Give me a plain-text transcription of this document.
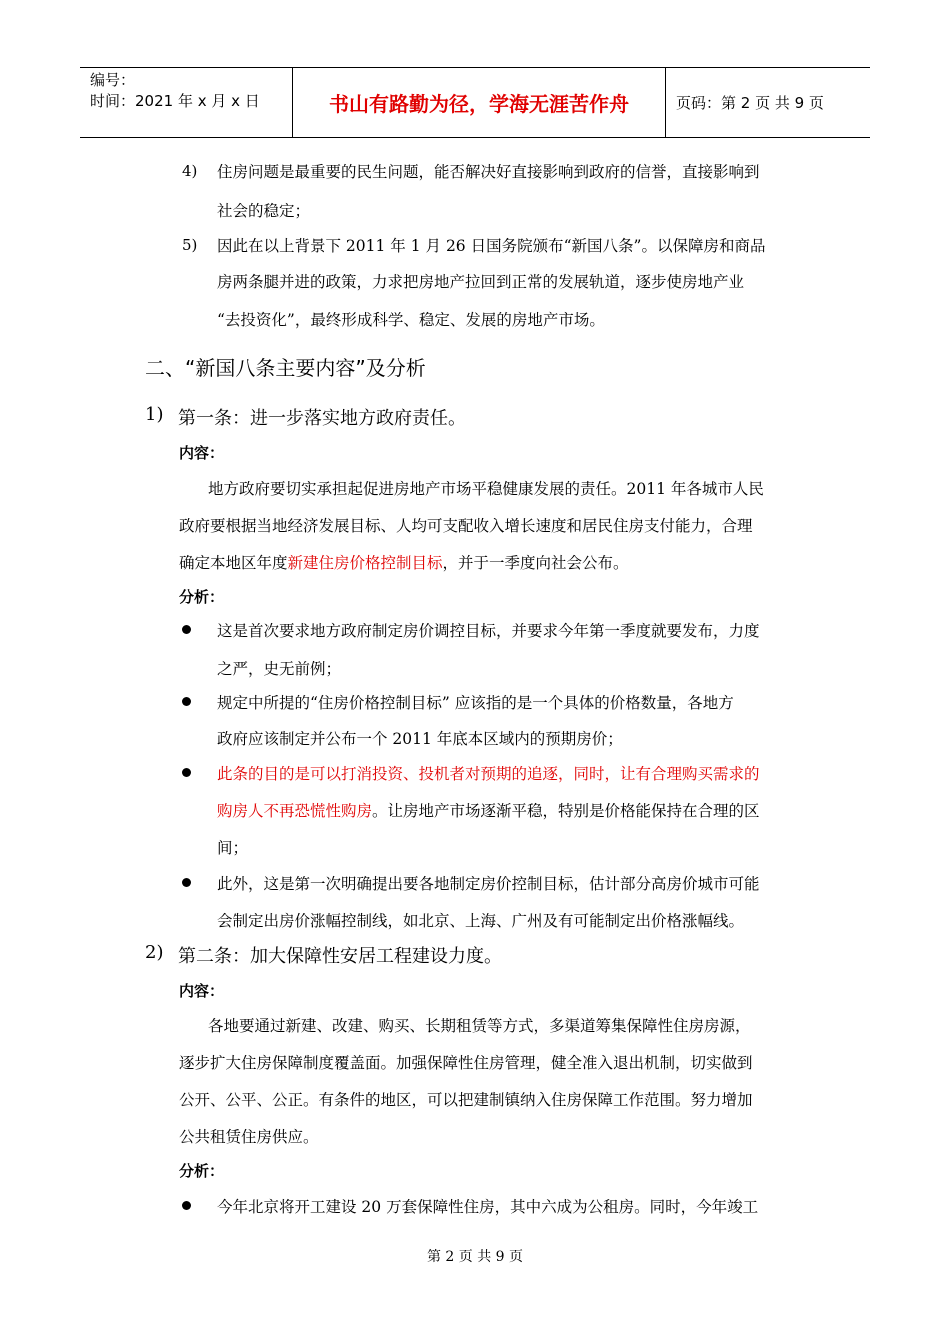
编号：
时间：2021 年 x 月 x 日	书山有路勤为径，学海无涯苦作舟	页码：第 2 页 共 9 页
4) 住房问题是最重要的民生问题，能否解决好直接影响到政府的信誉，直接影响到
社会的稳定；
5) 因此在以上背景下 2011 年 1 月 26 日国务院颁布“新国八条”。以保障房和商品
房两条腿并进的政策，力求把房地产拉回到正常的发展轨道，逐步使房地产业
“去投资化”，最终形成科学、稳定、发展的房地产市场。
二、“新国八条主要内容”及分析
1) 第一条：进一步落实地方政府责任。
内容：
地方政府要切实承担起促进房地产市场平稳健康发展的责任。2011 年各城市人民
政府要根据当地经济发展目标、人均可支配收入增长速度和居民住房支付能力，合理
确定本地区年度新建住房价格控制目标，并于一季度向社会公布。
分析：
这是首次要求地方政府制定房价调控目标，并要求今年第一季度就要发布，力度
之严，史无前例；
规定中所提的“住房价格控制目标” 应该指的是一个具体的价格数量，各地方
政府应该制定并公布一个 2011 年底本区域内的预期房价；
此条的目的是可以打消投资、投机者对预期的追逐，同时，让有合理购买需求的
购房人不再恐慌性购房。让房地产市场逐渐平稳，特别是价格能保持在合理的区
间；
此外，这是第一次明确提出要各地制定房价控制目标，估计部分高房价城市可能
会制定出房价涨幅控制线，如北京、上海、广州及有可能制定出价格涨幅线。
2) 第二条：加大保障性安居工程建设力度。
内容：
各地要通过新建、改建、购买、长期租赁等方式，多渠道筹集保障性住房房源，
逐步扩大住房保障制度覆盖面。加强保障性住房管理，健全准入退出机制，切实做到
公开、公平、公正。有条件的地区，可以把建制镇纳入住房保障工作范围。努力增加
公共租赁住房供应。
分析：
今年北京将开工建设 20 万套保障性住房，其中六成为公租房。同时，今年竣工
第 2 页 共 9 页
